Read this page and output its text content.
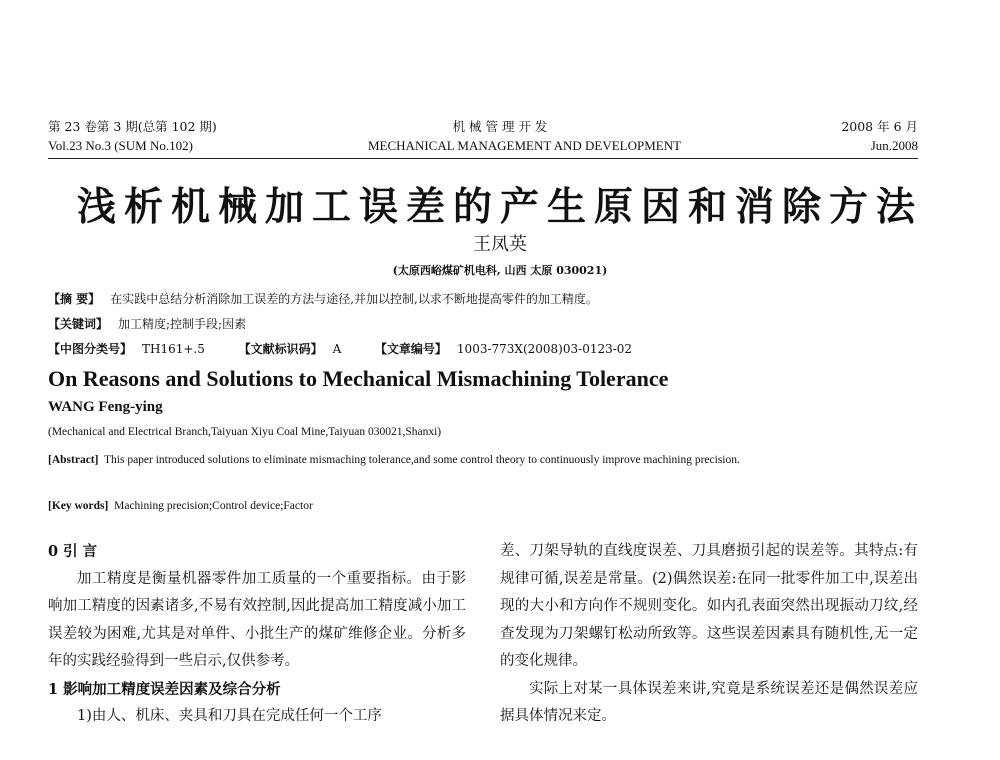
第 23 卷第 3 期(总第 102 期)
Vol.23 No.3 (SUM No.102)
机 械 管 理 开 发
MECHANICAL MANAGEMENT AND DEVELOPMENT
2008 年 6 月
Jun.2008
浅析机械加工误差的产生原因和消除方法
王凤英
(太原西峪煤矿机电科, 山西 太原 030021)
【摘 要】 在实践中总结分析消除加工误差的方法与途径,并加以控制,以求不断地提高零件的加工精度。
【关键词】 加工精度;控制手段;因素
【中图分类号】 TH161+.5	【文献标识码】 A	【文章编号】 1003-773X(2008)03-0123-02
On Reasons and Solutions to Mechanical Mismachining Tolerance
WANG Feng-ying
(Mechanical and Electrical Branch,Taiyuan Xiyu Coal Mine,Taiyuan 030021,Shanxi)
[Abstract] This paper introduced solutions to eliminate mismaching tolerance,and some control theory to continuously improve machining precision.
[Key words] Machining precision;Control device;Factor

0 引 言

加工精度是衡量机器零件加工质量的一个重要指标。由于影响加工精度的因素诸多,不易有效控制,因此提高加工精度减小加工误差较为困难,尤其是对单件、小批生产的煤矿维修企业。分析多年的实践经验得到一些启示,仅供参考。

1 影响加工精度误差因素及综合分析

1)由人、机床、夹具和刀具在完成任何一个工序

差、刀架导轨的直线度误差、刀具磨损引起的误差等。其特点:有规律可循,误差是常量。(2)偶然误差:在同一批零件加工中,误差出现的大小和方向作不规则变化。如内孔表面突然出现振动刀纹,经查发现为刀架螺钉松动所致等。这些误差因素具有随机性,无一定的变化规律。

实际上对某一具体误差来讲,究竟是系统误差还是偶然误差应据具体情况来定。
